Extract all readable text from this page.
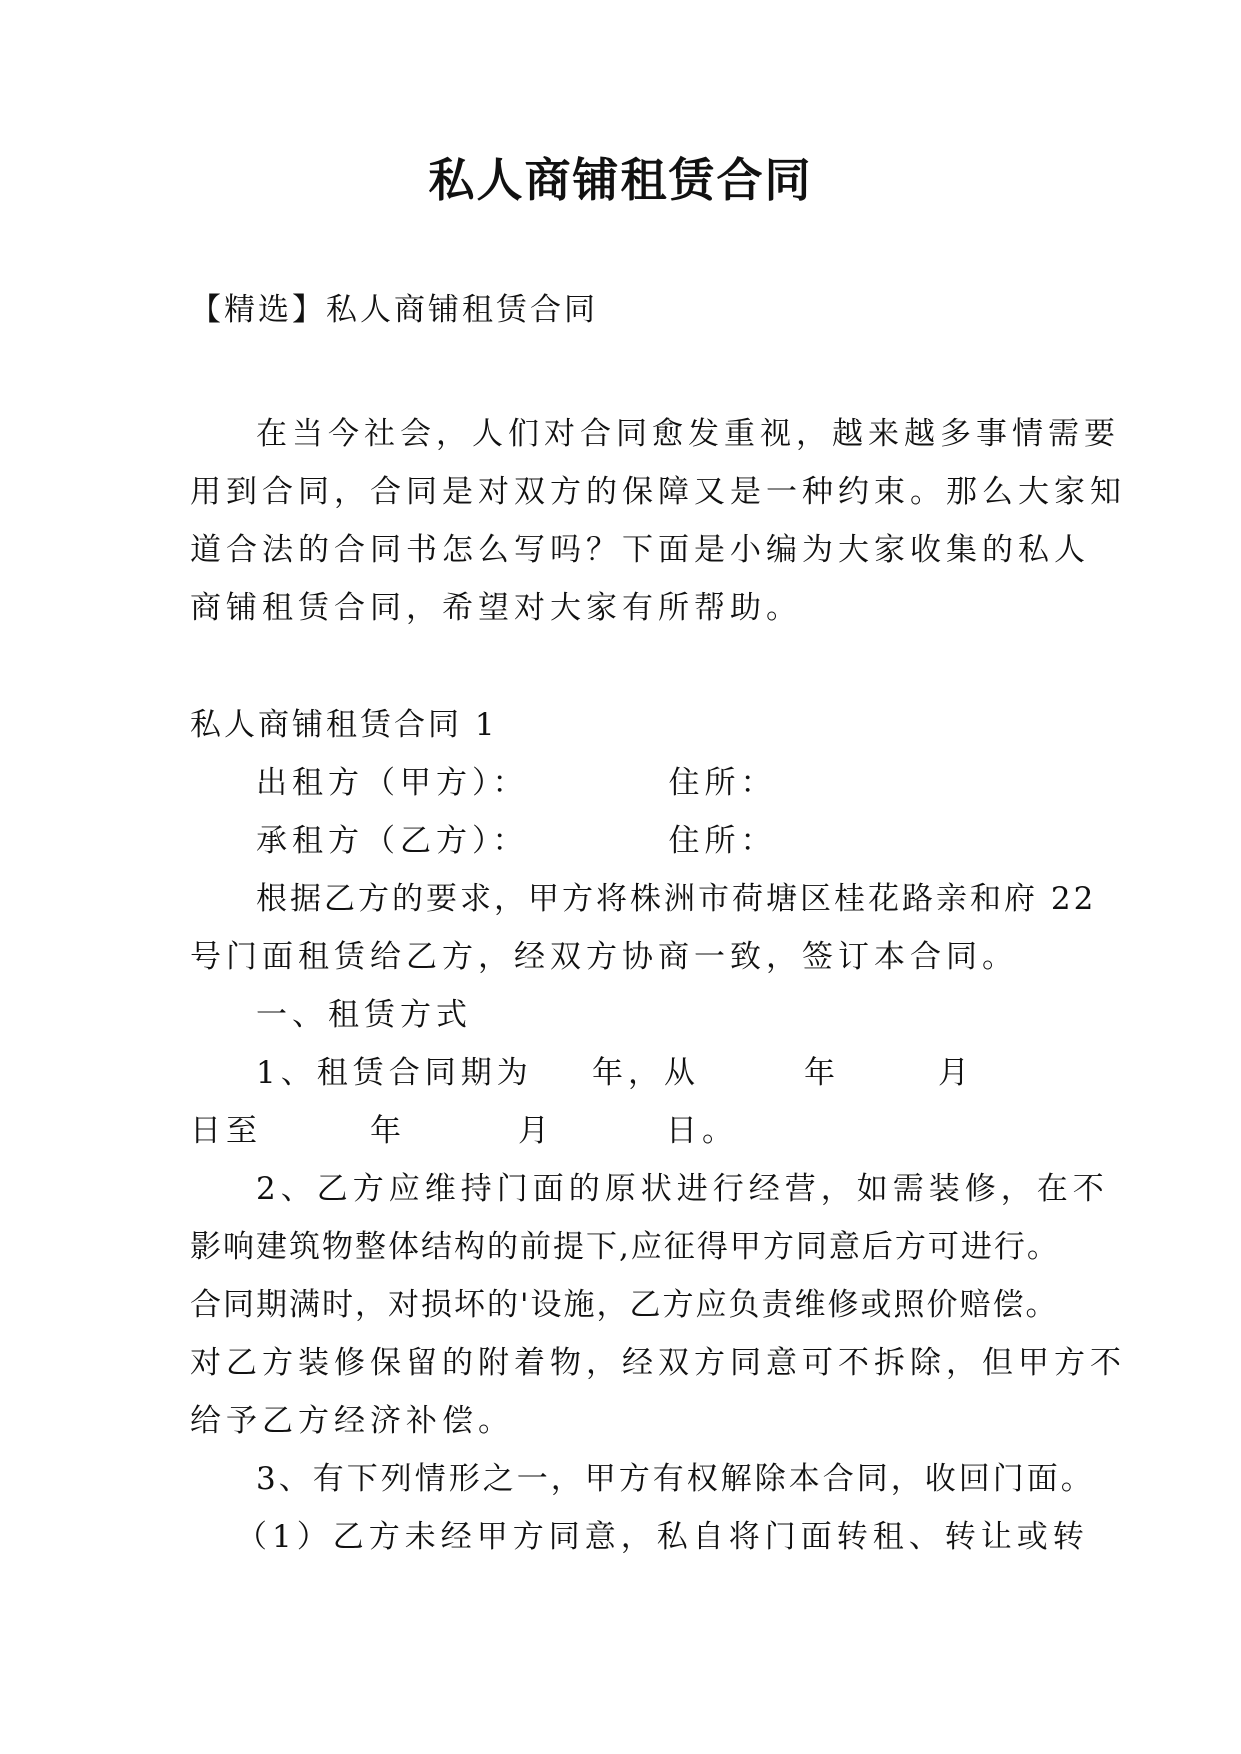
私人商铺租赁合同
【精选】私人商铺租赁合同
在当今社会，人们对合同愈发重视，越来越多事情需要
用到合同，合同是对双方的保障又是一种约束。那么大家知
道合法的合同书怎么写吗？下面是小编为大家收集的私人
商铺租赁合同，希望对大家有所帮助。
私人商铺租赁合同 1
出租方（甲方）：	住所：
承租方（乙方）：	住所：
根据乙方的要求，甲方将株洲市荷塘区桂花路亲和府 22
号门面租赁给乙方，经双方协商一致，签订本合同。
一、租赁方式
1、租赁合同期为 年，从	年	月
日至	年	月	日。
2、乙方应维持门面的原状进行经营，如需装修，在不
影响建筑物整体结构的前提下,应征得甲方同意后方可进行。
合同期满时，对损坏的'设施，乙方应负责维修或照价赔偿。
对乙方装修保留的附着物，经双方同意可不拆除，但甲方不
给予乙方经济补偿。
3、有下列情形之一，甲方有权解除本合同，收回门面。
（1）乙方未经甲方同意，私自将门面转租、转让或转
